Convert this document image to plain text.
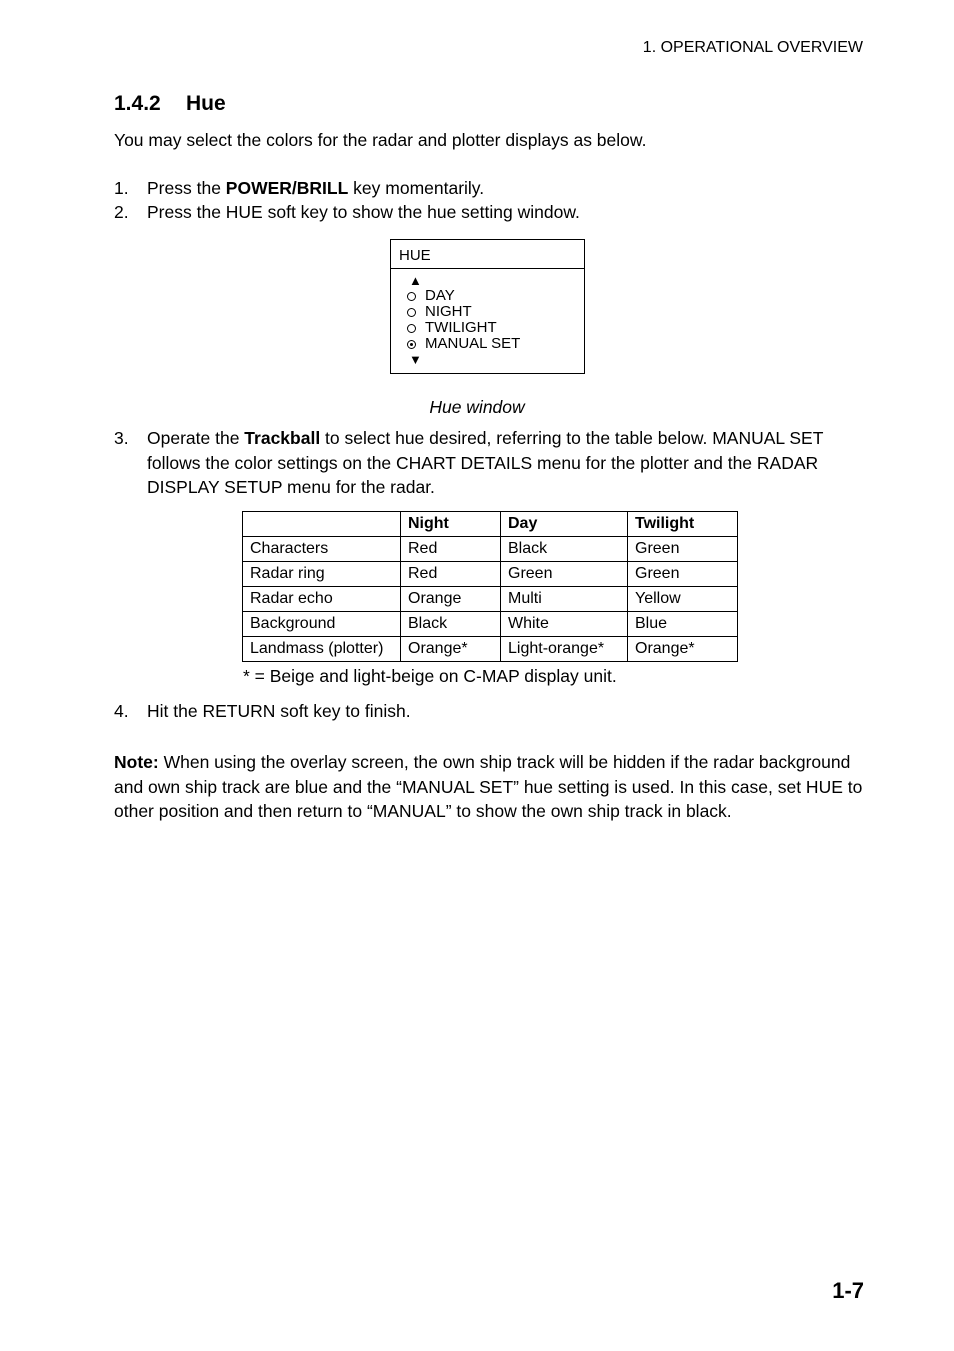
1. OPERATIONAL OVERVIEW
1.4.2 Hue

You may select the colors for the radar and plotter displays as below.

1. Press the POWER/BRILL key momentarily.
2. Press the HUE soft key to show the hue setting window.
HUE
▲
DAY
NIGHT
TWILIGHT
MANUAL SET
▼

Hue window

3. Operate the Trackball to select hue desired, referring to the table below. MANUAL SET follows the color settings on the CHART DETAILS menu for the plotter and the RADAR DISPLAY SETUP menu for the radar.
	Night	Day	Twilight
Characters	Red	Black	Green
Radar ring	Red	Green	Green
Radar echo	Orange	Multi	Yellow
Background	Black	White	Blue
Landmass (plotter)	Orange*	Light-orange*	Orange*

* = Beige and light-beige on C-MAP display unit.

4. Hit the RETURN soft key to finish.

Note: When using the overlay screen, the own ship track will be hidden if the radar background and own ship track are blue and the “MANUAL SET” hue setting is used. In this case, set HUE to other position and then return to “MANUAL” to show the own ship track in black.

1-7
